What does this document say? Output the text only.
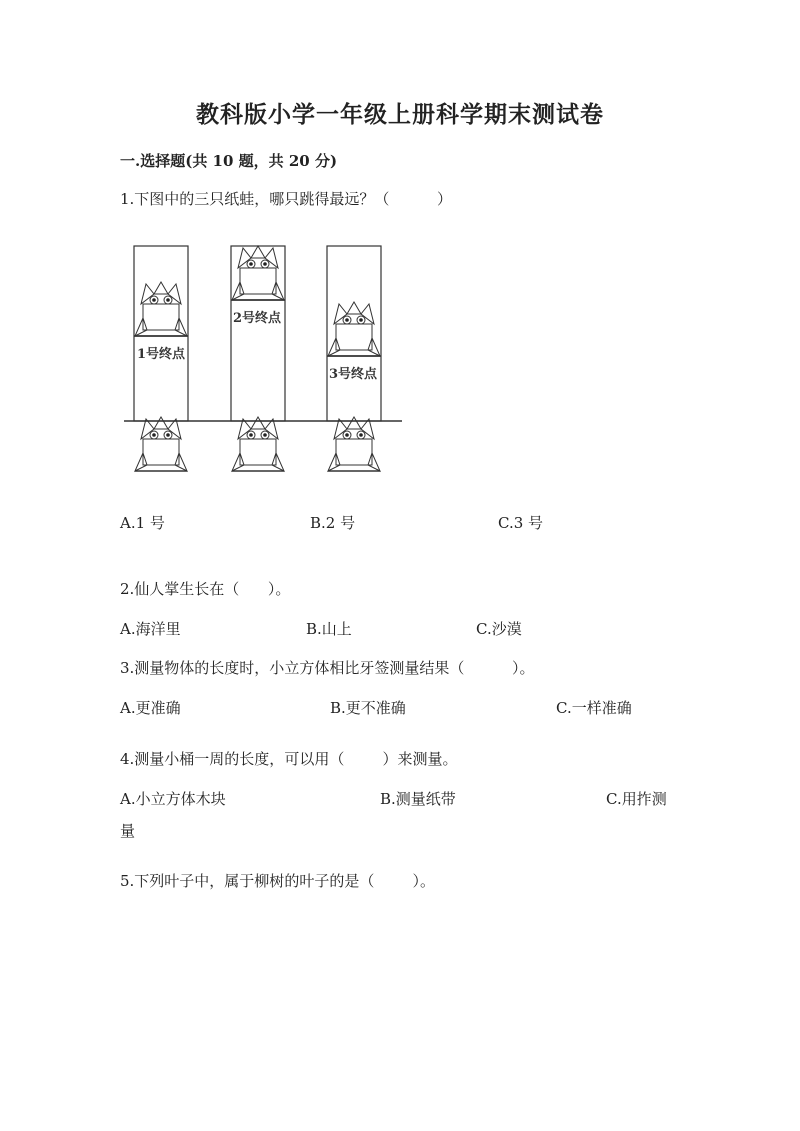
教科版小学一年级上册科学期末测试卷
一.选择题(共 10 题，共 20 分)
1.下图中的三只纸蛙，哪只跳得最远？（          ）
1号终点
2号终点
3号终点
A.1 号	B.2 号	C.3 号
2.仙人掌生长在（      ）。
A.海洋里	B.山上	C.沙漠
3.测量物体的长度时，小立方体相比牙签测量结果（          ）。
A.更准确	B.更不准确	C.一样准确
4.测量小桶一周的长度，可以用（        ）来测量。
A.小立方体木块	B.测量纸带	C.用拃测
量
5.下列叶子中，属于柳树的叶子的是（        ）。
